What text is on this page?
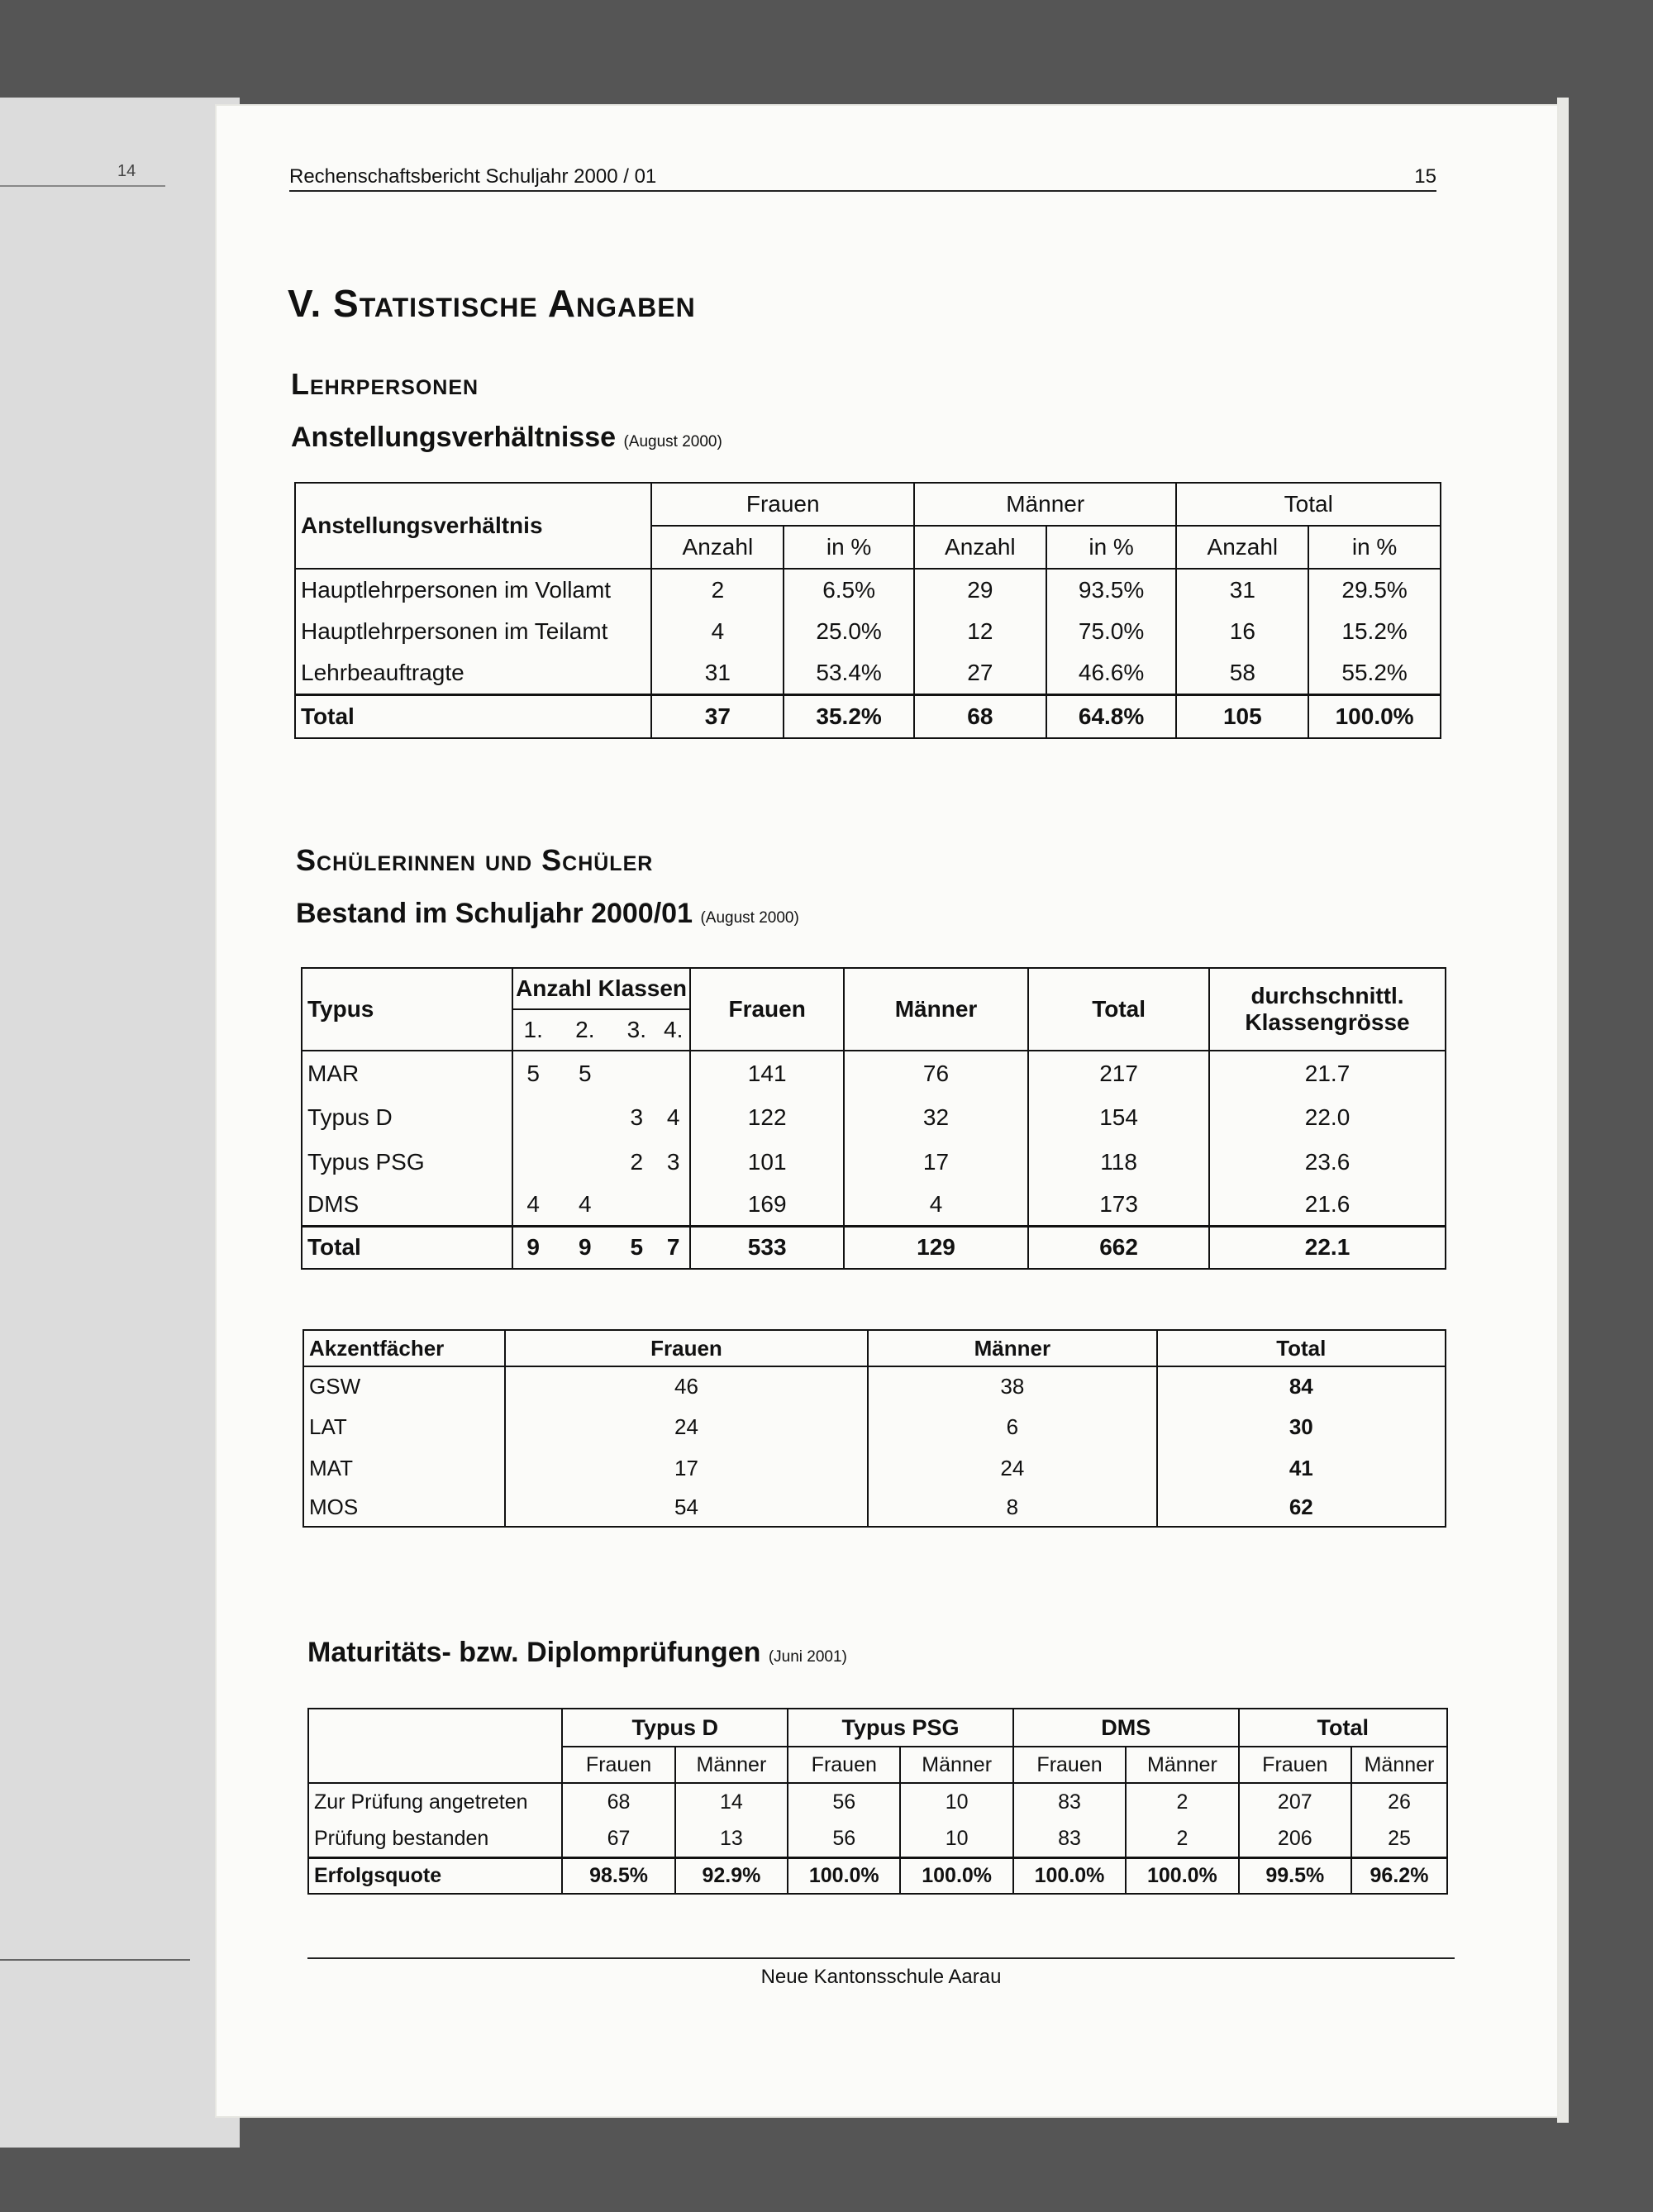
14	Rechenschaftsbericht Schuljahr 2000 / 01	15
V. Statistische Angaben
Lehrpersonen
Anstellungsverhältnisse (August 2000)
Anstellungsverhältnis	Frauen		Männer		Total	
	Anzahl	in %	Anzahl	in %	Anzahl	in %
Hauptlehrpersonen im Vollamt	2	6.5%	29	93.5%	31	29.5%
Hauptlehrpersonen im Teilamt	4	25.0%	12	75.0%	16	15.2%
Lehrbeauftragte	31	53.4%	27	46.6%	58	55.2%
Total	37	35.2%	68	64.8%	105	100.0%
Schülerinnen und Schüler
Bestand im Schuljahr 2000/01 (August 2000)
Typus	Anzahl Klassen				Frauen	Männer	Total	durchschnittl. Klassengrösse
	1.	2.	3.	4.				
MAR	5	5			141	76	217	21.7
Typus D			3	4	122	32	154	22.0
Typus PSG			2	3	101	17	118	23.6
DMS	4	4			169	4	173	21.6
Total	9	9	5	7	533	129	662	22.1
Akzentfächer	Frauen	Männer	Total
GSW	46	38	84
LAT	24	6	30
MAT	17	24	41
MOS	54	8	62
Maturitäts- bzw. Diplomprüfungen (Juni 2001)
	Typus D		Typus PSG		DMS		Total	
	Frauen	Männer	Frauen	Männer	Frauen	Männer	Frauen	Männer
Zur Prüfung angetreten	68	14	56	10	83	2	207	26
Prüfung bestanden	67	13	56	10	83	2	206	25
Erfolgsquote	98.5%	92.9%	100.0%	100.0%	100.0%	100.0%	99.5%	96.2%
Neue Kantonsschule Aarau
